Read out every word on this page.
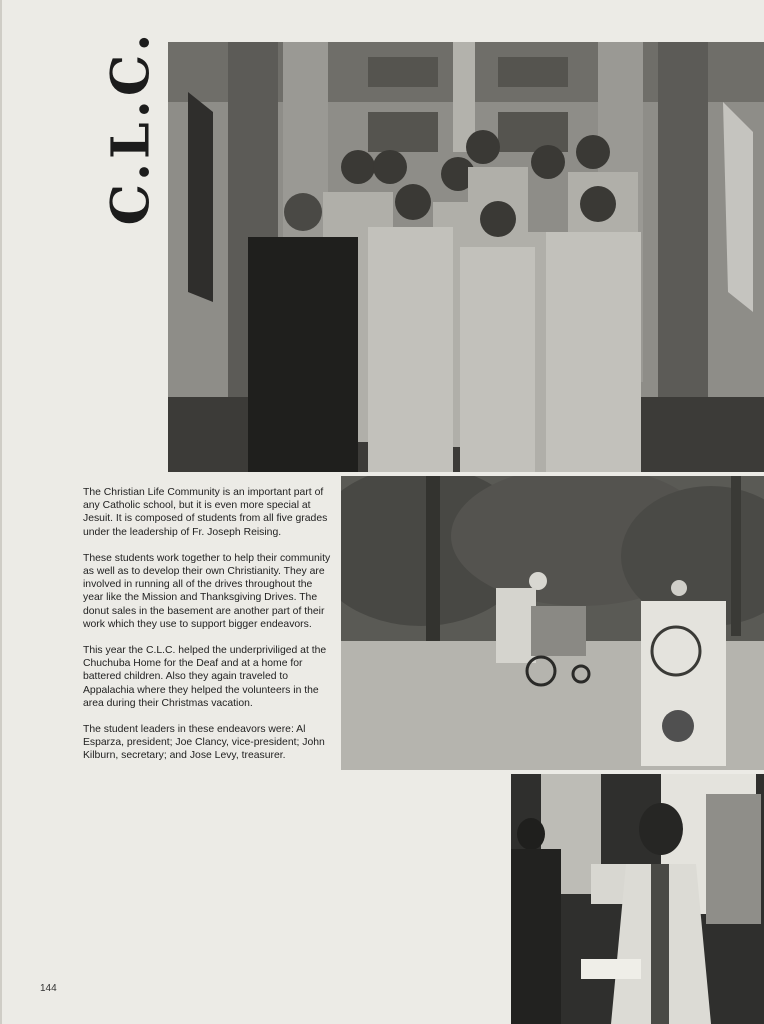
C.L.C.

The Christian Life Community is an important part of any Catholic school, but it is even more special at Jesuit. It is composed of students from all five grades under the leadership of Fr. Joseph Reising.

These students work together to help their community as well as to develop their own Christianity. They are involved in running all of the drives throughout the year like the Mission and Thanksgiving Drives. The donut sales in the basement are another part of their work which they use to support bigger endeavors.

This year the C.L.C. helped the underpriviliged at the Chuchuba Home for the Deaf and at a home for battered children. Also they again traveled to Appalachia where they helped the volunteers in the area during their Christmas vacation.

The student leaders in these endeavors were: Al Esparza, president; Joe Clancy, vice-president; John Kilburn, secretary; and Jose Levy, treasurer.

144
